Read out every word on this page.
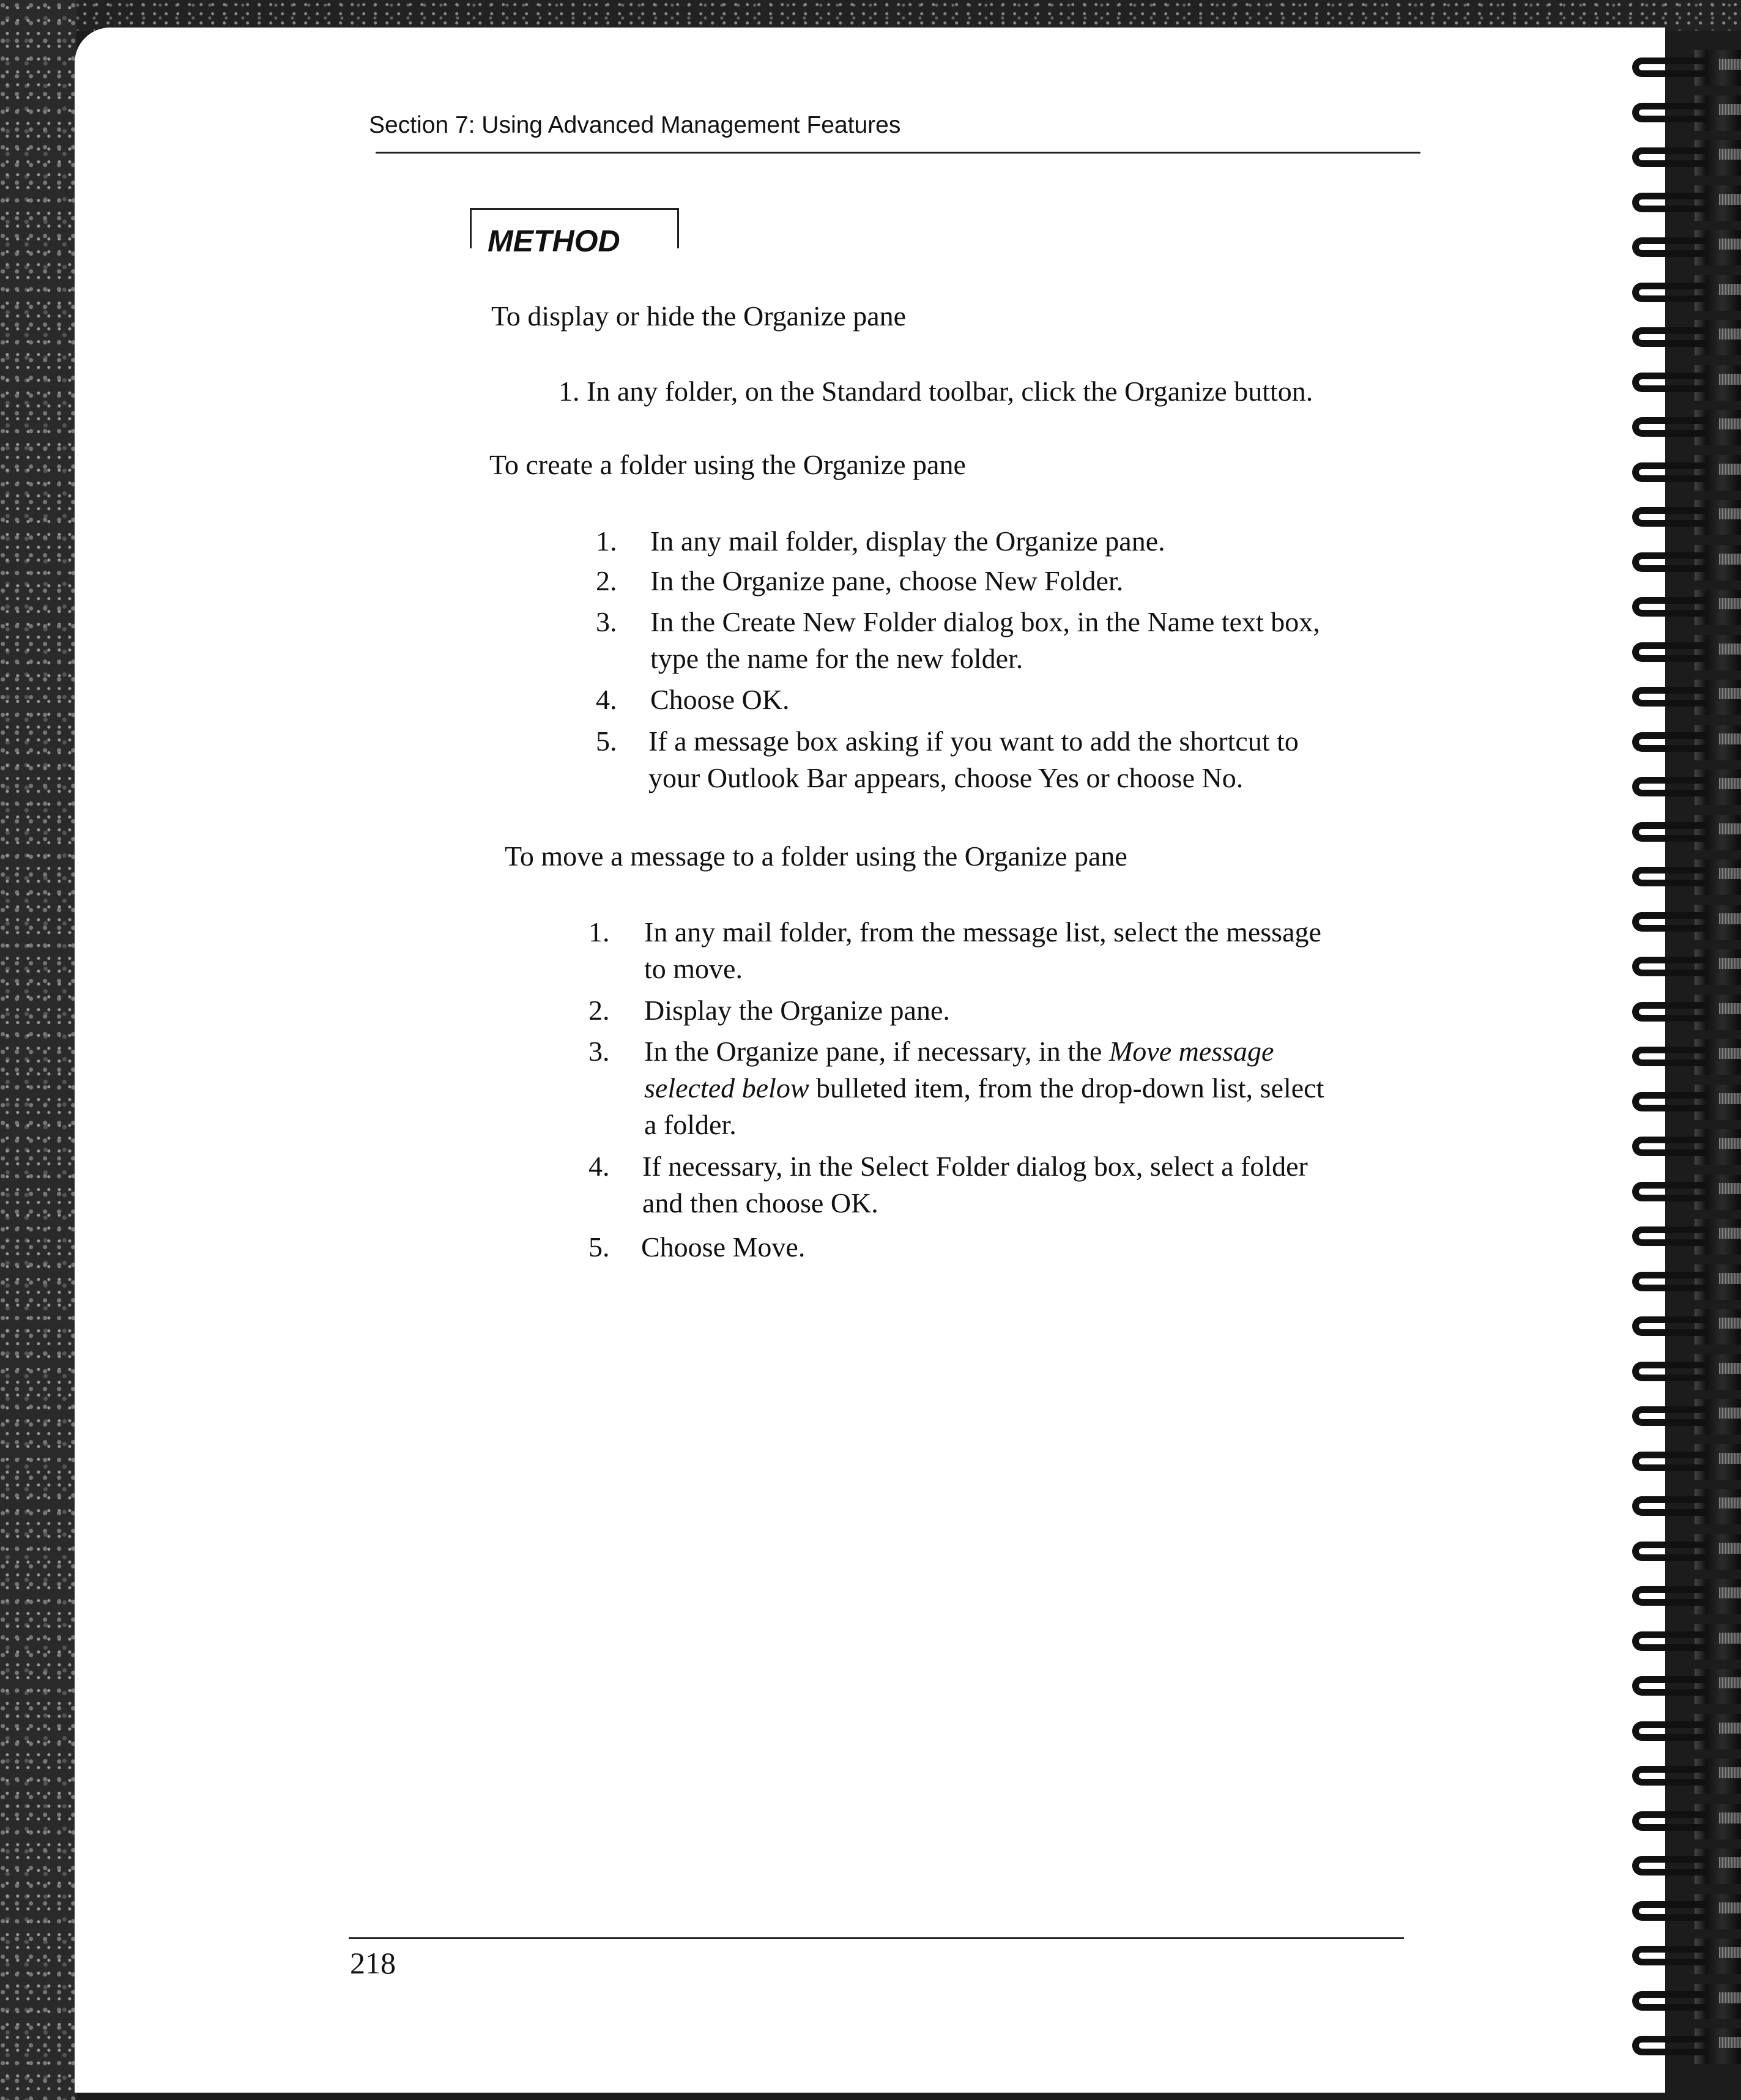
Section 7: Using Advanced Management Features
METHOD
To display or hide the Organize pane
1. In any folder, on the Standard toolbar, click the Organize button.
To create a folder using the Organize pane
1. In any mail folder, display the Organize pane.
2. In the Organize pane, choose New Folder.
3. In the Create New Folder dialog box, in the Name text box,
type the name for the new folder.
4. Choose OK.
5. If a message box asking if you want to add the shortcut to
your Outlook Bar appears, choose Yes or choose No.
To move a message to a folder using the Organize pane
1. In any mail folder, from the message list, select the message
to move.
2. Display the Organize pane.
3. In the Organize pane, if necessary, in the Move message
selected below bulleted item, from the drop-down list, select
a folder.
4. If necessary, in the Select Folder dialog box, select a folder
and then choose OK.
5. Choose Move.
218
